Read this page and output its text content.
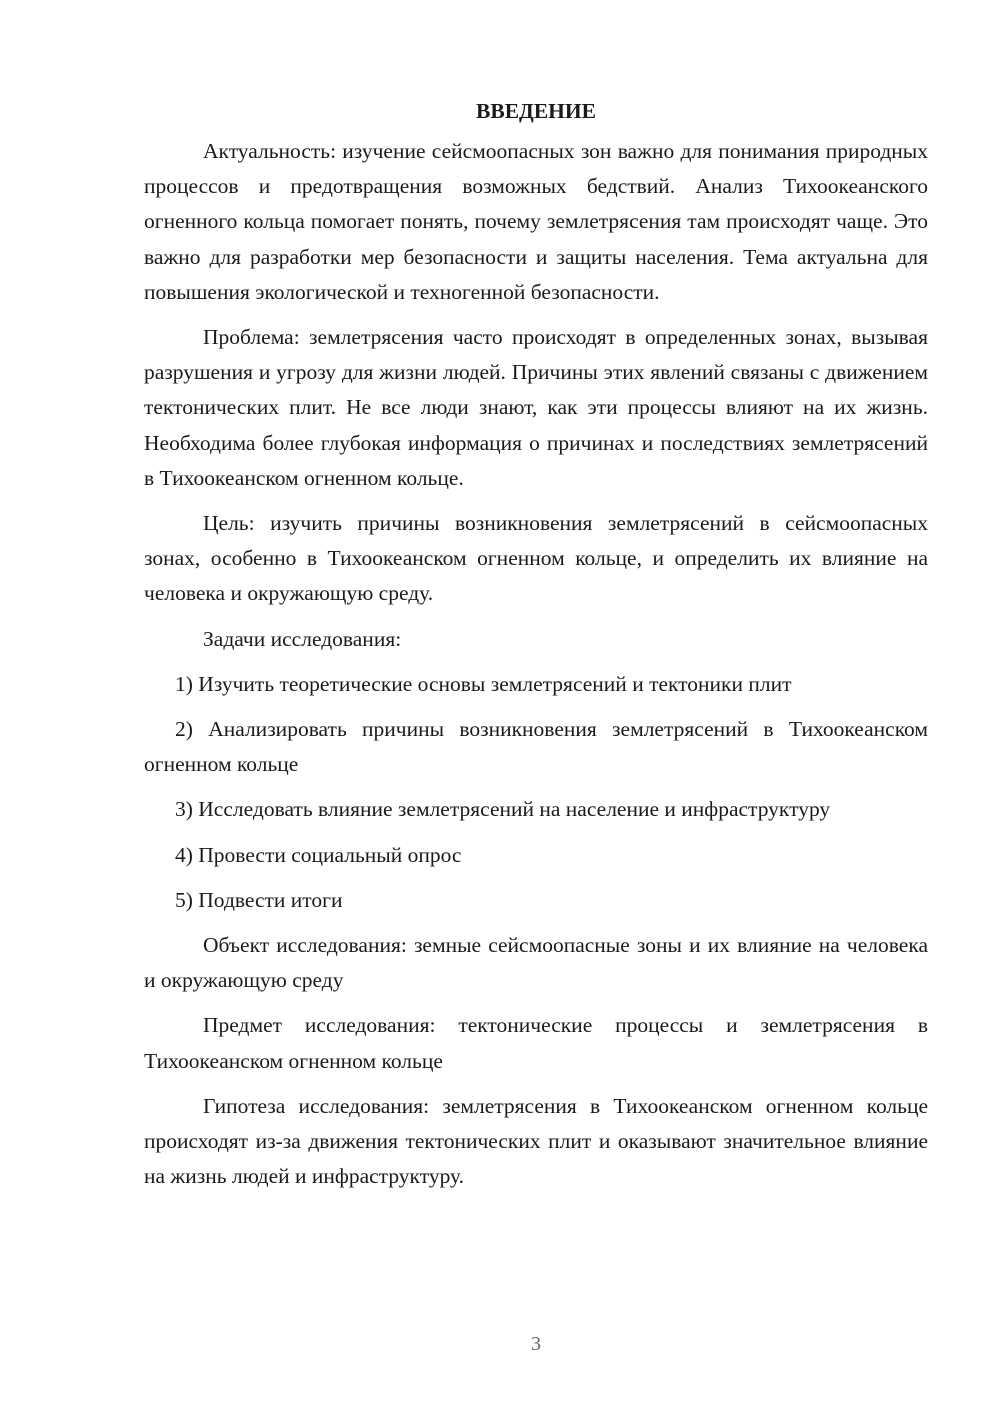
ВВЕДЕНИЕ

Актуальность: изучение сейсмоопасных зон важно для понимания природных процессов и предотвращения возможных бедствий. Анализ Тихоокеанского огненного кольца помогает понять, почему землетрясения там происходят чаще. Это важно для разработки мер безопасности и защиты населения. Тема актуальна для повышения экологической и техногенной безопасности.

Проблема: землетрясения часто происходят в определенных зонах, вызывая разрушения и угрозу для жизни людей. Причины этих явлений связаны с движением тектонических плит. Не все люди знают, как эти процессы влияют на их жизнь. Необходима более глубокая информация о причинах и последствиях землетрясений в Тихоокеанском огненном кольце.

Цель: изучить причины возникновения землетрясений в сейсмоопасных зонах, особенно в Тихоокеанском огненном кольце, и определить их влияние на человека и окружающую среду.

Задачи исследования:

1) Изучить теоретические основы землетрясений и тектоники плит

2) Анализировать причины возникновения землетрясений в Тихоокеанском огненном кольце

3) Исследовать влияние землетрясений на население и инфраструктуру

4) Провести социальный опрос

5) Подвести итоги

Объект исследования: земные сейсмоопасные зоны и их влияние на человека и окружающую среду

Предмет исследования: тектонические процессы и землетрясения в Тихоокеанском огненном кольце

Гипотеза исследования: землетрясения в Тихоокеанском огненном кольце происходят из-за движения тектонических плит и оказывают значительное влияние на жизнь людей и инфраструктуру.

3
